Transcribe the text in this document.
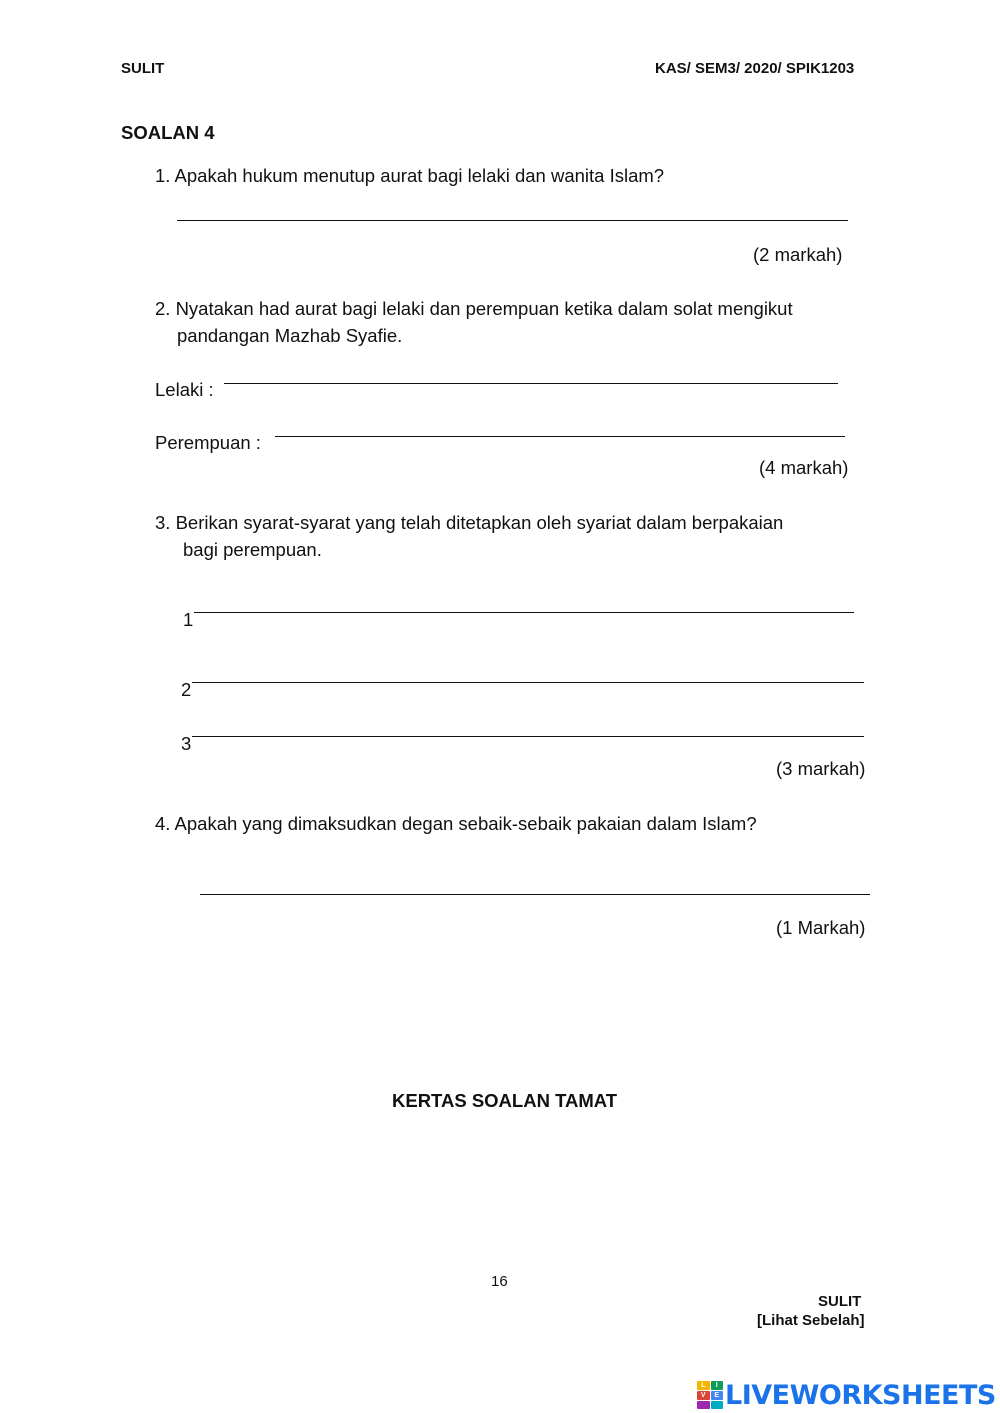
SULIT	KAS/ SEM3/ 2020/ SPIK1203
SOALAN 4
1. Apakah hukum menutup aurat bagi lelaki dan wanita Islam?
(2 markah)
2. Nyatakan had aurat bagi lelaki dan perempuan ketika dalam solat mengikut
pandangan Mazhab Syafie.
Lelaki :
Perempuan :
(4 markah)
3. Berikan syarat-syarat yang telah ditetapkan oleh syariat dalam berpakaian
bagi perempuan.
1
2
3
(3 markah)
4. Apakah yang dimaksudkan degan sebaik-sebaik pakaian dalam Islam?
(1 Markah)
KERTAS SOALAN TAMAT
16
SULIT
[Lihat Sebelah]
L	I
V	E LIVEWORKSHEETS
